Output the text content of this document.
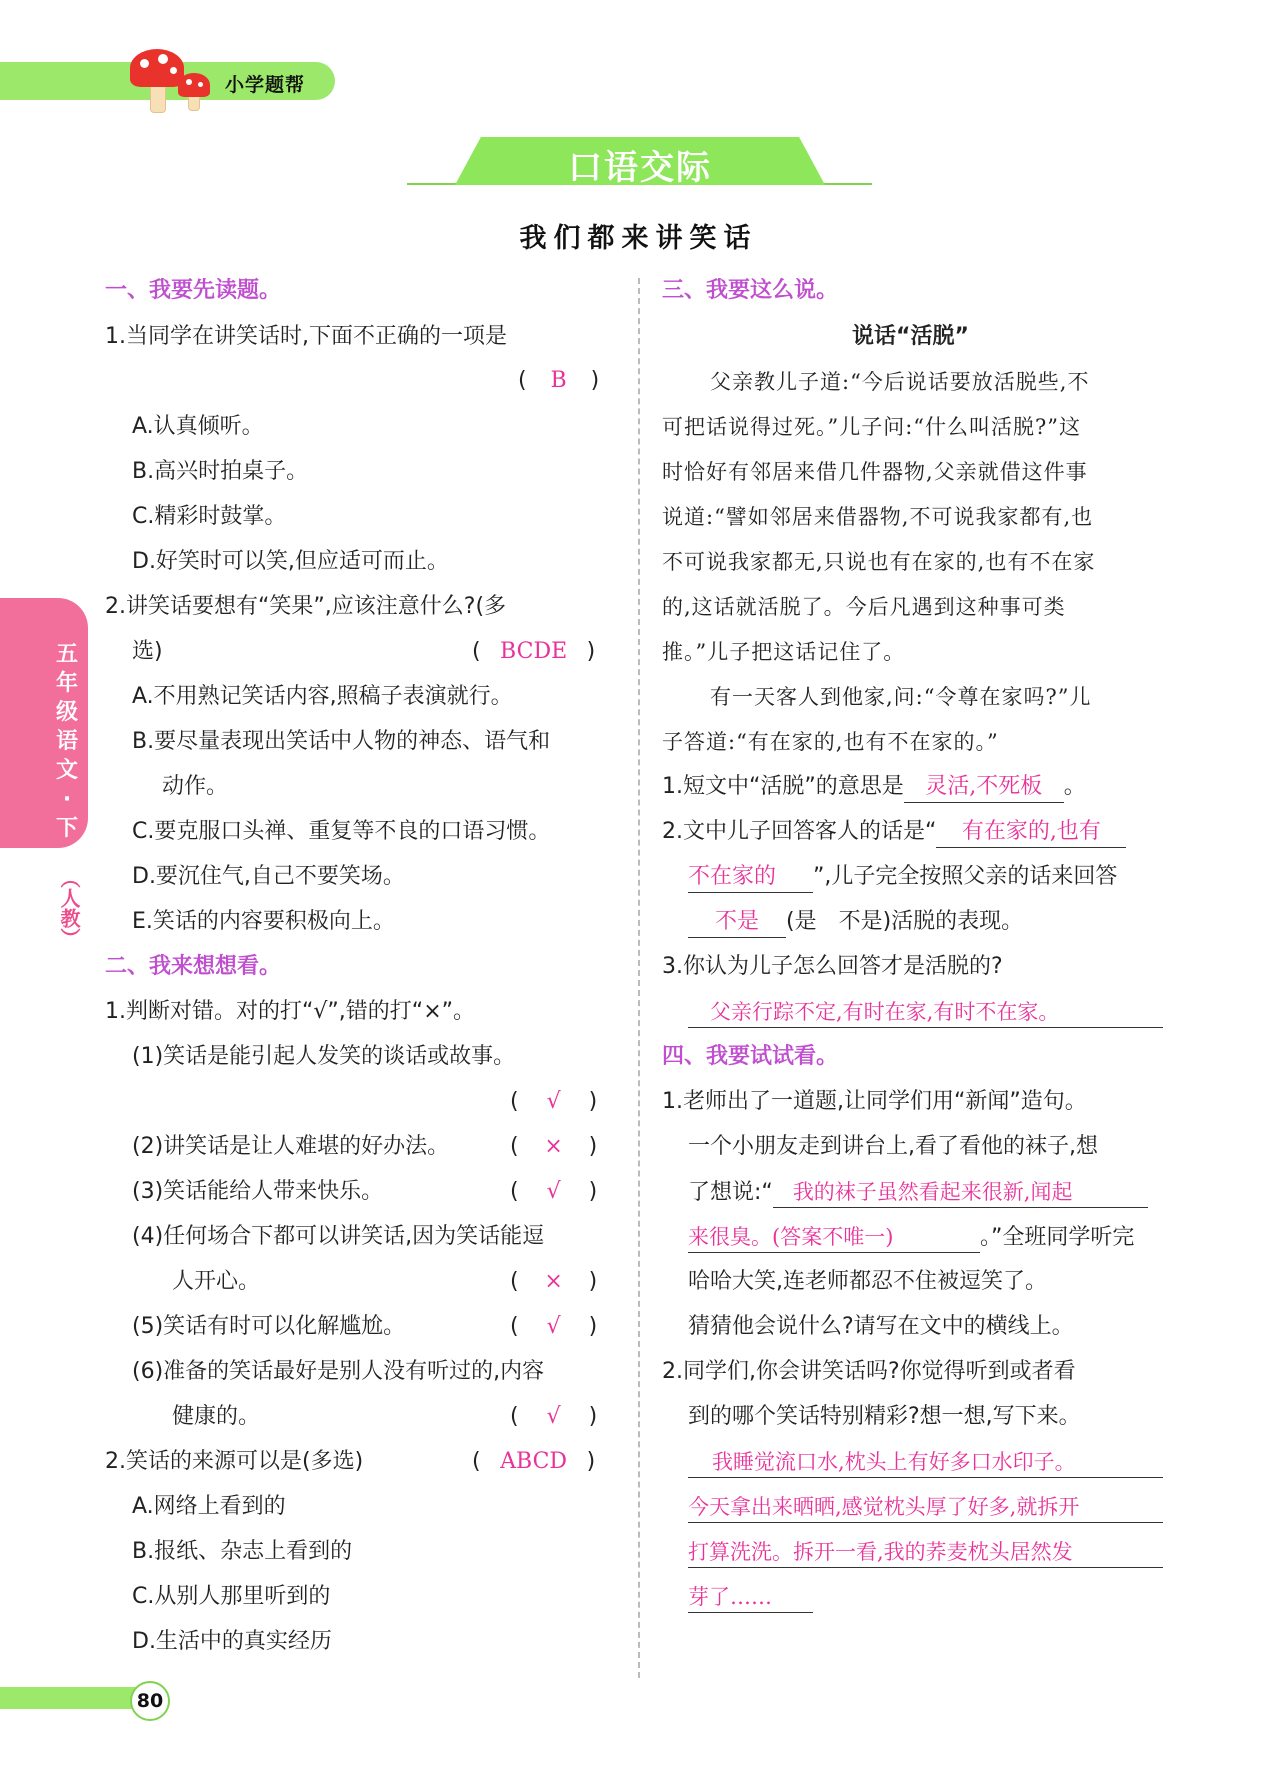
小学题帮
口语交际
我们都来讲笑话
五年级语文·下
（人教）
一、我要先读题。
1.当同学在讲笑话时,下面不正确的一项是
( B )
A.认真倾听。
B.高兴时拍桌子。
C.精彩时鼓掌。
D.好笑时可以笑,但应适可而止。
2.讲笑话要想有“笑果”,应该注意什么?(多
选)	( BCDE )
A.不用熟记笑话内容,照稿子表演就行。
B.要尽量表现出笑话中人物的神态、语气和
动作。
C.要克服口头禅、重复等不良的口语习惯。
D.要沉住气,自己不要笑场。
E.笑话的内容要积极向上。
二、我来想想看。
1.判断对错。对的打“√”,错的打“×”。
(1)笑话是能引起人发笑的谈话或故事。
( √ )
(2)讲笑话是让人难堪的好办法。	( × )
(3)笑话能给人带来快乐。	( √ )
(4)任何场合下都可以讲笑话,因为笑话能逗
人开心。	( × )
(5)笑话有时可以化解尴尬。	( √ )
(6)准备的笑话最好是别人没有听过的,内容
健康的。	( √ )
2.笑话的来源可以是(多选)	( ABCD )
A.网络上看到的
B.报纸、杂志上看到的
C.从别人那里听到的
D.生活中的真实经历
三、我要这么说。
说话“活脱”
父亲教儿子道:“今后说话要放活脱些,不
可把话说得过死。”儿子问:“什么叫活脱?”这
时恰好有邻居来借几件器物,父亲就借这件事
说道:“譬如邻居来借器物,不可说我家都有,也
不可说我家都无,只说也有在家的,也有不在家
的,这话就活脱了。今后凡遇到这种事可类
推。”儿子把这话记住了。
有一天客人到他家,问:“令尊在家吗?”儿
子答道:“有在家的,也有不在家的。”
1.短文中“活脱”的意思是 灵活,不死板 。
2.文中儿子回答客人的话是“ 有在家的,也有
不在家的 ”,儿子完全按照父亲的话来回答
不是 (是　不是)活脱的表现。
3.你认为儿子怎么回答才是活脱的?
父亲行踪不定,有时在家,有时不在家。
四、我要试试看。
1.老师出了一道题,让同学们用“新闻”造句。
一个小朋友走到讲台上,看了看他的袜子,想
了想说:“ 我的袜子虽然看起来很新,闻起
来很臭。(答案不唯一)	。”全班同学听完
哈哈大笑,连老师都忍不住被逗笑了。
猜猜他会说什么?请写在文中的横线上。
2.同学们,你会讲笑话吗?你觉得听到或者看
到的哪个笑话特别精彩?想一想,写下来。
我睡觉流口水,枕头上有好多口水印子。
今天拿出来晒晒,感觉枕头厚了好多,就拆开
打算洗洗。拆开一看,我的荞麦枕头居然发
芽了……
80
